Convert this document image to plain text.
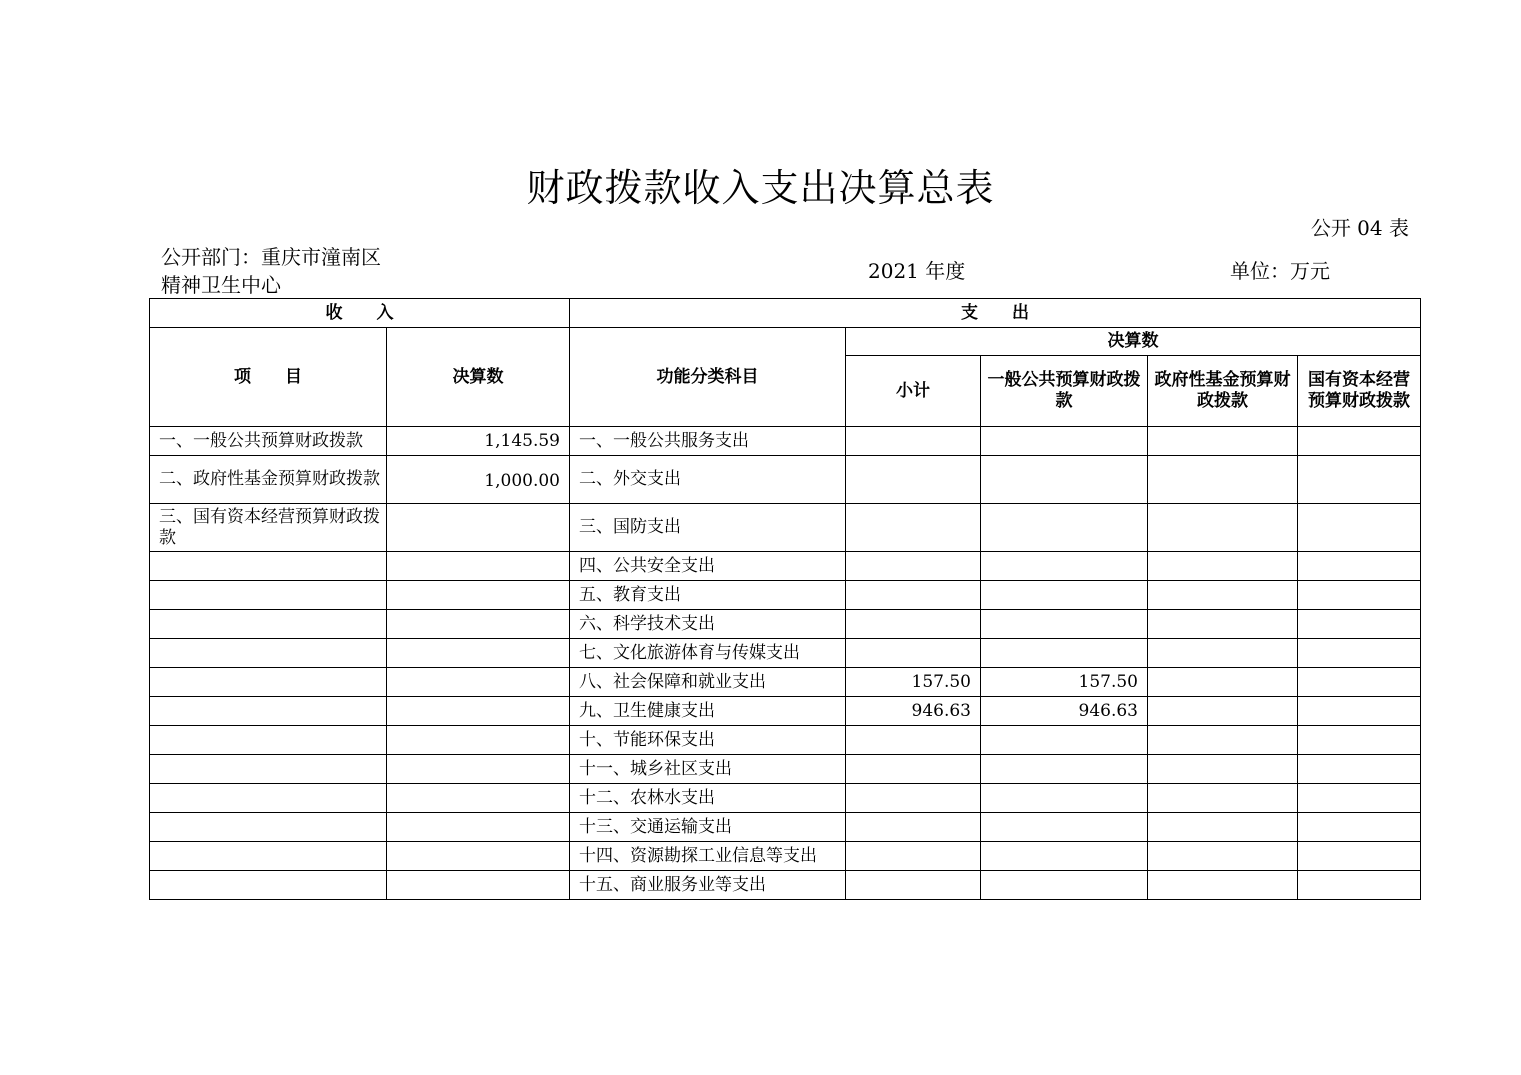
财政拨款收入支出决算总表
公开 04 表
公开部门：重庆市潼南区精神卫生中心
2021 年度	单位：万元
收　　入		支　　出				
项　　目	决算数	功能分类科目	决算数			
			小计	一般公共预算财政拨款	政府性基金预算财政拨款	国有资本经营预算财政拨款
一、一般公共预算财政拨款	1,145.59	一、一般公共服务支出				
二、政府性基金预算财政拨款	1,000.00	二、外交支出				
三、国有资本经营预算财政拨款		三、国防支出				
		四、公共安全支出				
		五、教育支出				
		六、科学技术支出				
		七、文化旅游体育与传媒支出				
		八、社会保障和就业支出	157.50	157.50		
		九、卫生健康支出	946.63	946.63		
		十、节能环保支出				
		十一、城乡社区支出				
		十二、农林水支出				
		十三、交通运输支出				
		十四、资源勘探工业信息等支出				
		十五、商业服务业等支出				
